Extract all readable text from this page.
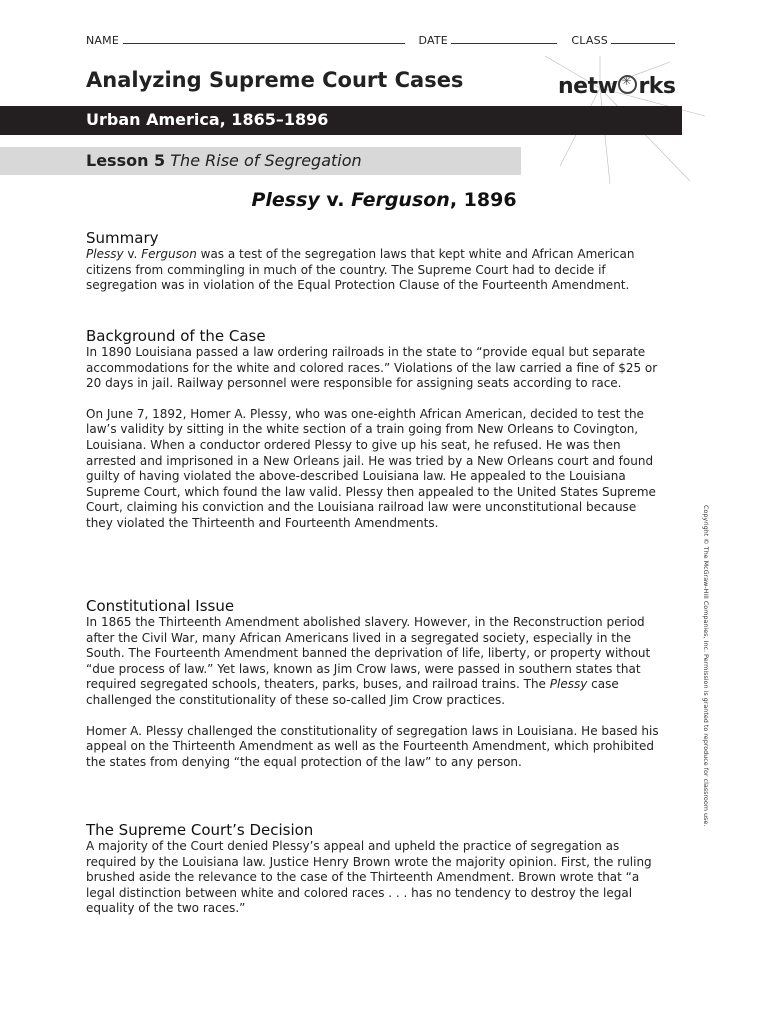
NAME	DATE	CLASS
Analyzing Supreme Court Cases	netw✳ rks
Urban America, 1865–1896
Lesson 5 The Rise of Segregation
Plessy v. Ferguson, 1896
Summary

Plessy v. Ferguson was a test of the segregation laws that kept white and African American citizens from commingling in much of the country. The Supreme Court had to decide if segregation was in violation of the Equal Protection Clause of the Fourteenth Amendment.

Background of the Case

In 1890 Louisiana passed a law ordering railroads in the state to “provide equal but separate accommodations for the white and colored races.” Violations of the law carried a fine of $25 or 20 days in jail. Railway personnel were responsible for assigning seats according to race.

On June 7, 1892, Homer A. Plessy, who was one-eighth African American, decided to test the law’s validity by sitting in the white section of a train going from New Orleans to Covington, Louisiana. When a conductor ordered Plessy to give up his seat, he refused. He was then arrested and imprisoned in a New Orleans jail. He was tried by a New Orleans court and found guilty of having violated the above-described Louisiana law. He appealed to the Louisiana Supreme Court, which found the law valid. Plessy then appealed to the United States Supreme Court, claiming his conviction and the Louisiana railroad law were unconstitutional because they violated the Thirteenth and Fourteenth Amendments.

Constitutional Issue

In 1865 the Thirteenth Amendment abolished slavery. However, in the Reconstruction period after the Civil War, many African Americans lived in a segregated society, especially in the South. The Fourteenth Amendment banned the deprivation of life, liberty, or property without “due process of law.” Yet laws, known as Jim Crow laws, were passed in southern states that required segregated schools, theaters, parks, buses, and railroad trains. The Plessy case challenged the constitutionality of these so-called Jim Crow practices.

Homer A. Plessy challenged the constitutionality of segregation laws in Louisiana. He based his appeal on the Thirteenth Amendment as well as the Fourteenth Amendment, which prohibited the states from denying “the equal protection of the law” to any person.

The Supreme Court’s Decision

A majority of the Court denied Plessy’s appeal and upheld the practice of segregation as required by the Louisiana law. Justice Henry Brown wrote the majority opinion. First, the ruling brushed aside the relevance to the case of the Thirteenth Amendment. Brown wrote that “a legal distinction between white and colored races . . . has no tendency to destroy the legal equality of the two races.”

Copyright © The McGraw-Hill Companies, Inc. Permission is granted to reproduce for classroom use.
